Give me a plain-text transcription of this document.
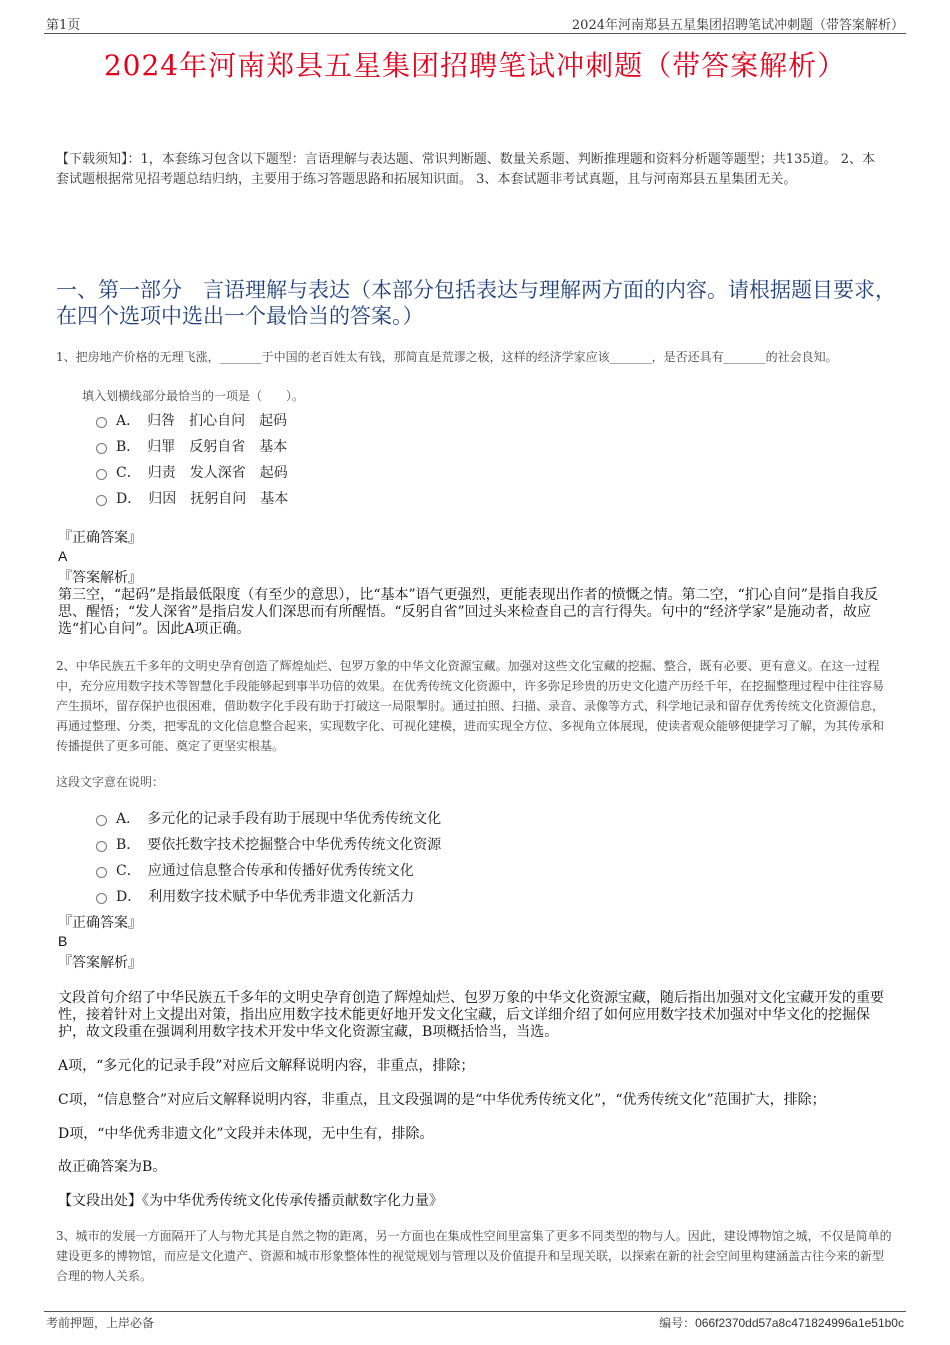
第1页	2024年河南郑县五星集团招聘笔试冲刺题（带答案解析）
2024年河南郑县五星集团招聘笔试冲刺题（带答案解析）
【下载须知】：1，本套练习包含以下题型：言语理解与表达题、常识判断题、数量关系题、判断推理题和资料分析题等题型；共135道。 2、本套试题根据常见招考题总结归纳，主要用于练习答题思路和拓展知识面。 3、本套试题非考试真题，且与河南郑县五星集团无关。
一、第一部分　言语理解与表达（本部分包括表达与理解两方面的内容。请根据题目要求，在四个选项中选出一个最恰当的答案。）
1、把房地产价格的无理飞涨，_______于中国的老百姓太有钱，那简直是荒谬之极，这样的经济学家应该_______，是否还具有_______的社会良知。
填入划横线部分最恰当的一项是（　　）。
A．　归咎　扪心自问　起码
B．　归罪　反躬自省　基本
C．　归责　发人深省　起码
D．　归因　抚躬自问　基本
『正确答案』
A
『答案解析』
第三空，“起码”是指最低限度（有至少的意思），比“基本”语气更强烈，更能表现出作者的愤慨之情。第二空，“扪心自问”是指自我反思、醒悟；“发人深省”是指启发人们深思而有所醒悟。“反躬自省”回过头来检查自己的言行得失。句中的“经济学家”是施动者，故应选“扪心自问”。因此A项正确。
2、中华民族五千多年的文明史孕育创造了辉煌灿烂、包罗万象的中华文化资源宝藏。加强对这些文化宝藏的挖掘、整合，既有必要、更有意义。在这一过程中，充分应用数字技术等智慧化手段能够起到事半功倍的效果。在优秀传统文化资源中，许多弥足珍贵的历史文化遗产历经千年，在挖掘整理过程中往往容易产生损坏，留存保护也很困难，借助数字化手段有助于打破这一局限掣肘。通过拍照、扫描、录音、录像等方式，科学地记录和留存优秀传统文化资源信息，再通过整理、分类，把零乱的文化信息整合起来，实现数字化、可视化建模，进而实现全方位、多视角立体展现，使读者观众能够便捷学习了解，为其传承和传播提供了更多可能、奠定了更坚实根基。
这段文字意在说明：
A．　多元化的记录手段有助于展现中华优秀传统文化
B．　要依托数字技术挖掘整合中华优秀传统文化资源
C．　应通过信息整合传承和传播好优秀传统文化
D．　利用数字技术赋予中华优秀非遗文化新活力
『正确答案』
B
『答案解析』
文段首句介绍了中华民族五千多年的文明史孕育创造了辉煌灿烂、包罗万象的中华文化资源宝藏，随后指出加强对文化宝藏开发的重要性，接着针对上文提出对策，指出应用数字技术能更好地开发文化宝藏，后文详细介绍了如何应用数字技术加强对中华文化的挖掘保护，故文段重在强调利用数字技术开发中华文化资源宝藏，B项概括恰当，当选。
A项，“多元化的记录手段”对应后文解释说明内容，非重点，排除；
C项，“信息整合”对应后文解释说明内容，非重点，且文段强调的是“中华优秀传统文化”，“优秀传统文化”范围扩大，排除；
D项，“中华优秀非遗文化”文段并未体现，无中生有，排除。
故正确答案为B。
【文段出处】《为中华优秀传统文化传承传播贡献数字化力量》
3、城市的发展一方面隔开了人与物尤其是自然之物的距离，另一方面也在集成性空间里富集了更多不同类型的物与人。因此，建设博物馆之城，不仅是简单的建设更多的博物馆，而应是文化遗产、资源和城市形象整体性的视觉规划与管理以及价值提升和呈现关联，以探索在新的社会空间里构建涵盖古往今来的新型合理的物人关系。
考前押题，上岸必备	编号：066f2370dd57a8c471824996a1e51b0c
